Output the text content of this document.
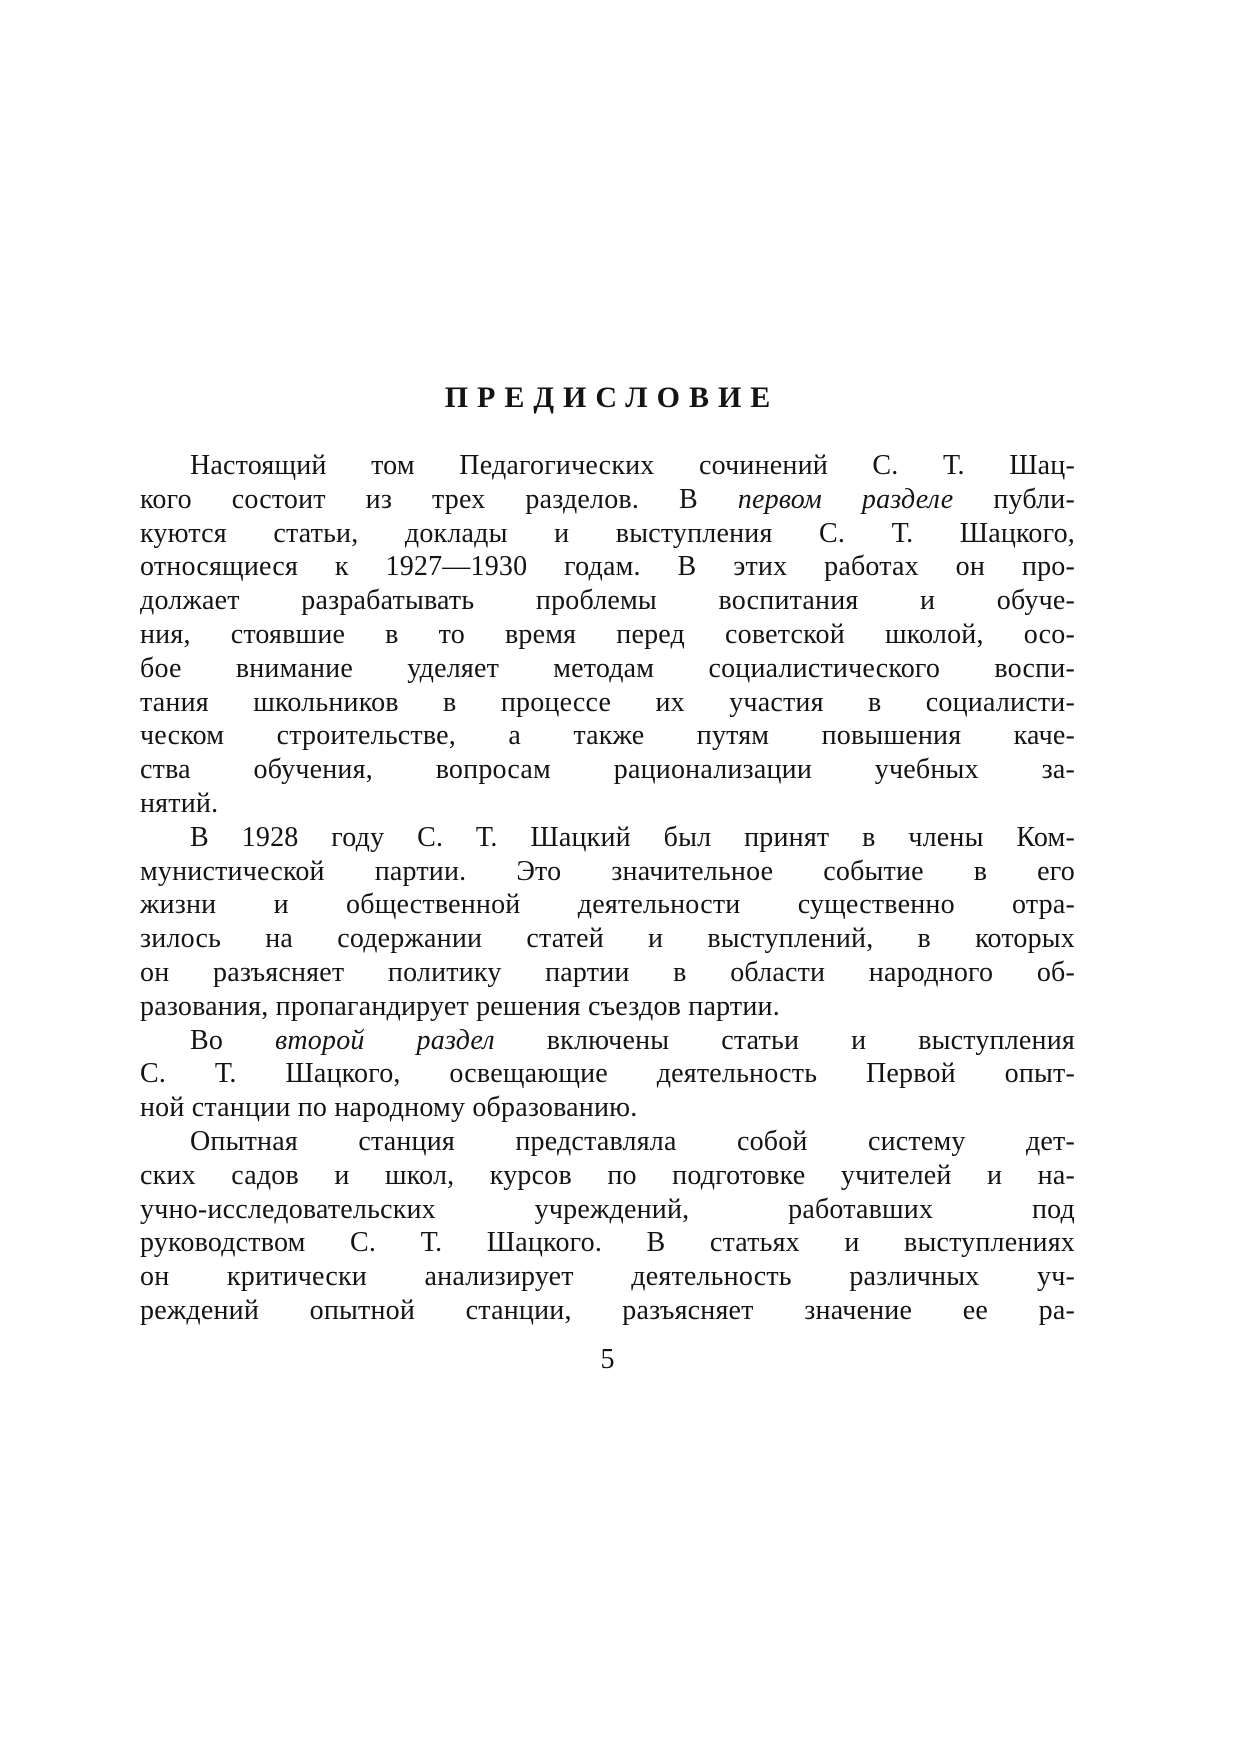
ПРЕДИСЛОВИЕ
Настоящий том Педагогических сочинений С. Т. Шац-
кого состоит из трех разделов. В первом разделе публи-
куются статьи, доклады и выступления С. Т. Шацкого,
относящиеся к 1927—1930 годам. В этих работах он про-
должает разрабатывать проблемы воспитания и обуче-
ния, стоявшие в то время перед советской школой, осо-
бое внимание уделяет методам социалистического воспи-
тания школьников в процессе их участия в социалисти-
ческом строительстве, а также путям повышения каче-
ства обучения, вопросам рационализации учебных за-
нятий.
В 1928 году С. Т. Шацкий был принят в члены Ком-
мунистической партии. Это значительное событие в его
жизни и общественной деятельности существенно отра-
зилось на содержании статей и выступлений, в которых
он разъясняет политику партии в области народного об-
разования, пропагандирует решения съездов партии.
Во второй раздел включены статьи и выступления
С. Т. Шацкого, освещающие деятельность Первой опыт-
ной станции по народному образованию.
Опытная станция представляла собой систему дет-
ских садов и школ, курсов по подготовке учителей и на-
учно-исследовательских учреждений, работавших под
руководством С. Т. Шацкого. В статьях и выступлениях
он критически анализирует деятельность различных уч-
реждений опытной станции, разъясняет значение ее ра-
5
